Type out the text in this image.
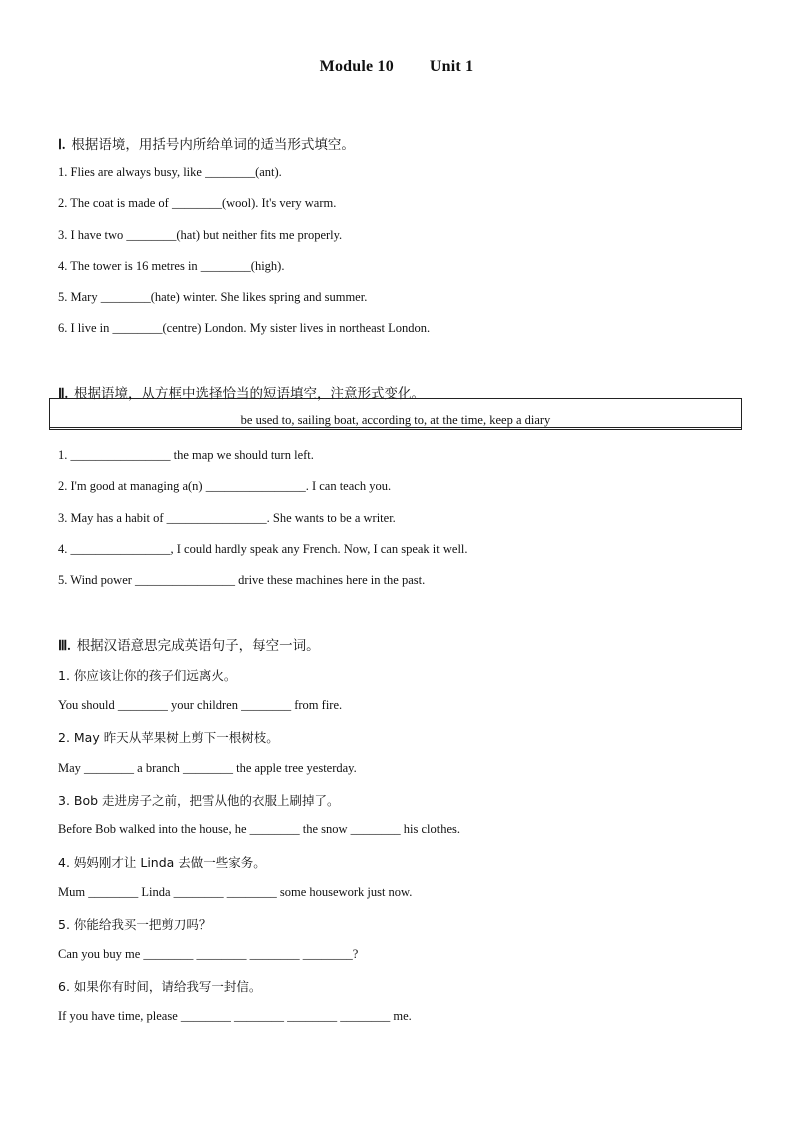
Module 10 Unit 1
Ⅰ. 根据语境，用括号内所给单词的适当形式填空。
1. Flies are always busy, like ________(ant).
2. The coat is made of ________(wool). It's very warm.
3. I have two ________(hat) but neither fits me properly.
4. The tower is 16 metres in ________(high).
5. Mary ________(hate) winter. She likes spring and summer.
6. I live in ________(centre) London. My sister lives in northeast London.
Ⅱ. 根据语境，从方框中选择恰当的短语填空，注意形式变化。
be used to, sailing boat, according to, at the time, keep a diary
1. ________________ the map we should turn left.
2. I'm good at managing a(n) ________________. I can teach you.
3. May has a habit of ________________. She wants to be a writer.
4. ________________, I could hardly speak any French. Now, I can speak it well.
5. Wind power ________________ drive these machines here in the past.
Ⅲ. 根据汉语意思完成英语句子，每空一词。
1. 你应该让你的孩子们远离火。
You should ________ your children ________ from fire.
2. May 昨天从苹果树上剪下一根树枝。
May ________ a branch ________ the apple tree yesterday.
3. Bob 走进房子之前，把雪从他的衣服上刷掉了。
Before Bob walked into the house, he ________ the snow ________ his clothes.
4. 妈妈刚才让 Linda 去做一些家务。
Mum ________ Linda ________ ________ some housework just now.
5. 你能给我买一把剪刀吗？
Can you buy me ________ ________ ________ ________?
6. 如果你有时间，请给我写一封信。
If you have time, please ________ ________ ________ ________ me.
